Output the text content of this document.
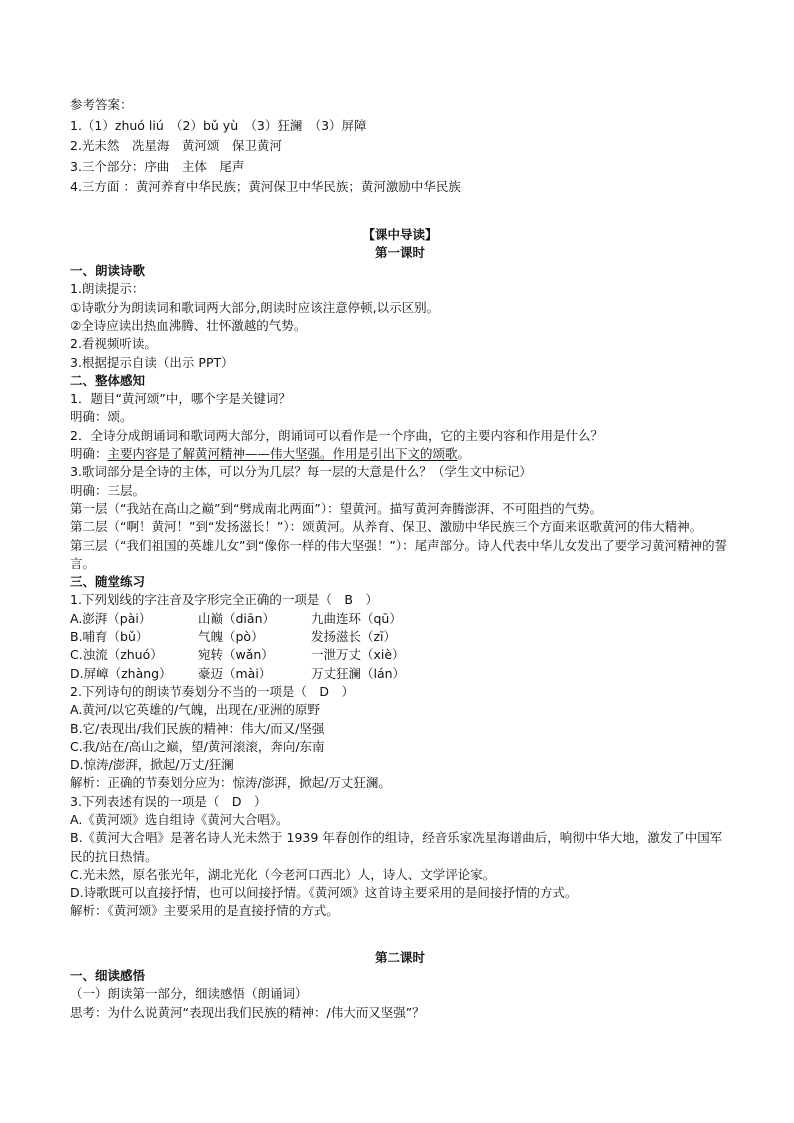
参考答案：
1.（1）zhuó liú　（2）bǔ yù　（3）狂澜　（3）屏障
2.光未然　冼星海　黄河颂　保卫黄河
3.三个部分：序曲　主体　尾声
4.三方面 ：黄河养育中华民族；黄河保卫中华民族；黄河激励中华民族
【课中导读】
第一课时
一、朗读诗歌
1.朗读提示：
①诗歌分为朗读词和歌词两大部分,朗读时应该注意停顿,以示区别。
②全诗应读出热血沸腾、壮怀激越的气势。
2.看视频听读。
3.根据提示自读（出示 PPT）
二、整体感知
1．题目“黄河颂”中，哪个字是关键词？
明确：颂。
2．全诗分成朗诵词和歌词两大部分，朗诵词可以看作是一个序曲，它的主要内容和作用是什么？
明确：主要内容是了解黄河精神——伟大坚强。作用是引出下文的颂歌。
3.歌词部分是全诗的主体，可以分为几层？每一层的大意是什么？（学生文中标记）
明确：三层。
第一层（“我站在高山之巅”到“劈成南北两面”）：望黄河。描写黄河奔腾澎湃、不可阻挡的气势。
第二层（“啊！黄河！”到“发扬滋长！”）：颂黄河。从养育、保卫、激励中华民族三个方面来讴歌黄河的伟大精神。
第三层（“我们祖国的英雄儿女”到“像你一样的伟大坚强！”）：尾声部分。诗人代表中华儿女发出了要学习黄河精神的誓言。
三、随堂练习
1.下列划线的字注音及字形完全正确的一项是（　B　）
A.澎湃（pài）	山巅（diān）	九曲连环（qū）
B.哺育（bǔ）	气魄（pò）	发扬滋长（zī）
C.浊流（zhuó）	宛转（wǎn）	一泄万丈（xiè）
D.屏嶂（zhàng）	豪迈（mài）	万丈狂澜（lán）
2.下列诗句的朗读节奏划分不当的一项是（　D　）
A.黄河/以它英雄的/气魄，出现在/亚洲的原野
B.它/表现出/我们民族的精神：伟大/而又/坚强
C.我/站在/高山之巅，望/黄河滚滚，奔向/东南
D.惊涛/澎湃，掀起/万丈/狂澜
解析：正确的节奏划分应为：惊涛/澎湃，掀起/万丈狂澜。
3.下列表述有误的一项是（　D　）
A.《黄河颂》选自组诗《黄河大合唱》。
B.《黄河大合唱》是著名诗人光未然于 1939 年春创作的组诗，经音乐家冼星海谱曲后，响彻中华大地，激发了中国军民的抗日热情。
C.光未然，原名张光年，湖北光化（今老河口西北）人，诗人、文学评论家。
D.诗歌既可以直接抒情，也可以间接抒情。《黄河颂》这首诗主要采用的是间接抒情的方式。
解析：《黄河颂》主要采用的是直接抒情的方式。
第二课时
一、细读感悟
（一）朗读第一部分，细读感悟（朗诵词）
思考：为什么说黄河“表现出我们民族的精神：/伟大而又坚强”？
